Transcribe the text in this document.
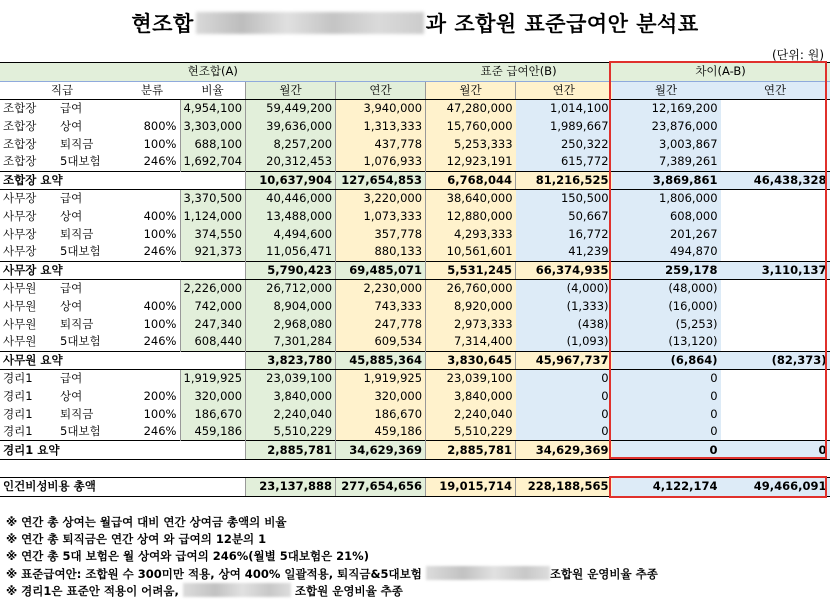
현조합	과 조합원 표준급여안 분석표
(단위: 원)
현조합(A)						표준 급여안(B)		차이(A-B)	
직급		분류	비율	월간	연간	월간	연간	월간	연간
조합장	급여		4,954,100	59,449,200	3,940,000	47,280,000	1,014,100	12,169,200	
조합장	상여	800%	3,303,000	39,636,000	1,313,333	15,760,000	1,989,667	23,876,000	
조합장	퇴직금	100%	688,100	8,257,200	437,778	5,253,333	250,322	3,003,867	
조합장	5대보험	246%	1,692,704	20,312,453	1,076,933	12,923,191	615,772	7,389,261	
조합장 요약				10,637,904	127,654,853	6,768,044	81,216,525	3,869,861	46,438,328
사무장	급여		3,370,500	40,446,000	3,220,000	38,640,000	150,500	1,806,000	
사무장	상여	400%	1,124,000	13,488,000	1,073,333	12,880,000	50,667	608,000	
사무장	퇴직금	100%	374,550	4,494,600	357,778	4,293,333	16,772	201,267	
사무장	5대보험	246%	921,373	11,056,471	880,133	10,561,601	41,239	494,870	
사무장 요약				5,790,423	69,485,071	5,531,245	66,374,935	259,178	3,110,137
사무원	급여		2,226,000	26,712,000	2,230,000	26,760,000	(4,000)	(48,000)	
사무원	상여	400%	742,000	8,904,000	743,333	8,920,000	(1,333)	(16,000)	
사무원	퇴직금	100%	247,340	2,968,080	247,778	2,973,333	(438)	(5,253)	
사무원	5대보험	246%	608,440	7,301,284	609,534	7,314,400	(1,093)	(13,120)	
사무원 요약				3,823,780	45,885,364	3,830,645	45,967,737	(6,864)	(82,373)
경리1	급여		1,919,925	23,039,100	1,919,925	23,039,100	0	0	
경리1	상여	200%	320,000	3,840,000	320,000	3,840,000	0	0	
경리1	퇴직금	100%	186,670	2,240,040	186,670	2,240,040	0	0	
경리1	5대보험	246%	459,186	5,510,229	459,186	5,510,229	0	0	
경리1 요약				2,885,781	34,629,369	2,885,781	34,629,369	0	0

인건비성비용 총액				23,137,888	277,654,656	19,015,714	228,188,565	4,122,174	49,466,091
※ 연간 총 상여는 월급여 대비 연간 상여금 총액의 비율
※ 연간 총 퇴직금은 연간 상여 와 급여의 12분의 1
※ 연간 총 5대 보험은 월 상여와 급여의 246%(월별 5대보험은 21%)
※ 표준급여안: 조합원 수 300미만 적용, 상여 400% 일괄적용, 퇴직금&5대보험	조합원 운영비율 추종
※ 경리1은 표준안 적용이 어려움,	조합원 운영비율 추종
